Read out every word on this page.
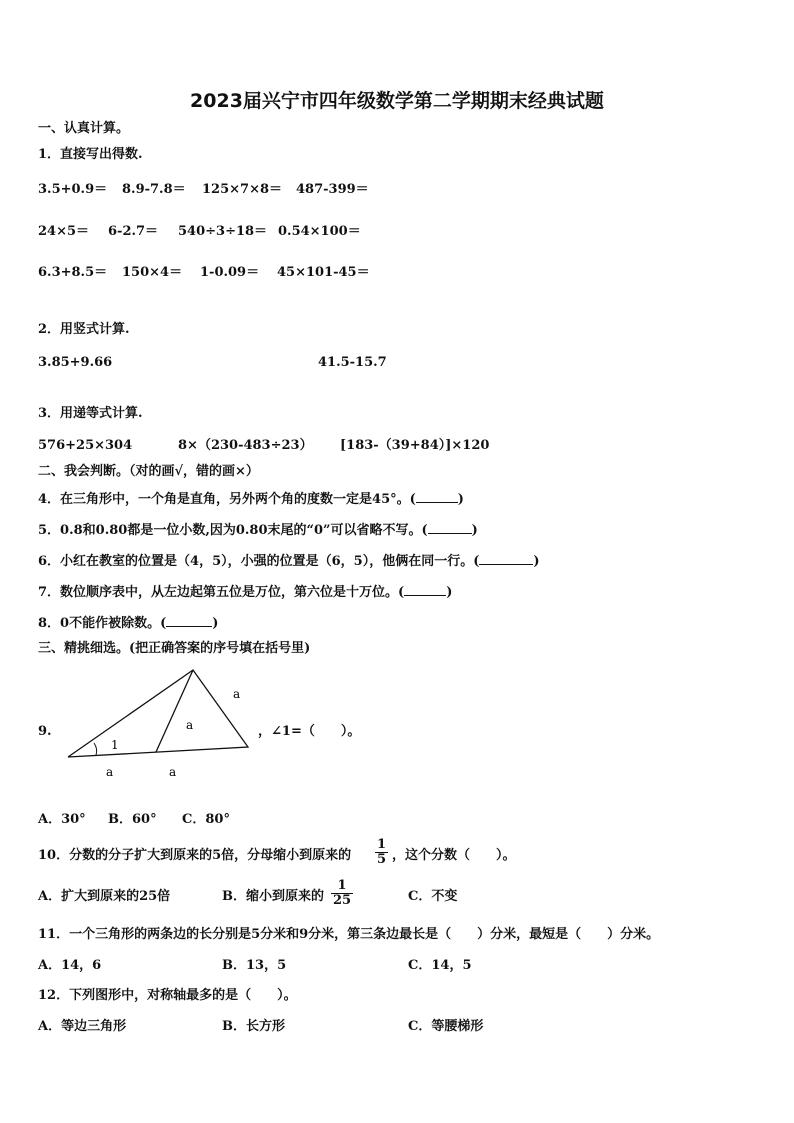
2023届兴宁市四年级数学第二学期期末经典试题
一、认真计算。
1．直接写出得数.
3.5+0.9＝ 8.9-7.8＝ 125×7×8＝ 487-399＝
24×5＝ 6-2.7＝ 540÷3÷18＝ 0.54×100＝
6.3+8.5＝ 150×4＝ 1-0.09＝ 45×101-45＝
2．用竖式计算.
3.85+9.66	41.5-15.7
3．用递等式计算.
576+25×304	8×（230-483÷23） [183-（39+84）]×120
二、我会判断。（对的画√，错的画×）
4．在三角形中，一个角是直角，另外两个角的度数一定是45°。(	)
5．0.8和0.80都是一位小数,因为0.80末尾的“0”可以省略不写。(	)
6．小红在教室的位置是（4，5），小强的位置是（6，5），他俩在同一行。(	)
7．数位顺序表中，从左边起第五位是万位，第六位是十万位。(	)
8．0不能作被除数。(	)
三、精挑细选。(把正确答案的序号填在括号里)
9.
a
a
1
a	a
，∠1=（　　）。
A．30° B．60° C．80°
10．分数的分子扩大到原来的5倍，分母缩小到原来的 $\frac{1}{5}$ ，这个分数（　　）。
A．扩大到原来的25倍	B．缩小到原来的 $\frac{1}{25}$	C．不变
11．一个三角形的两条边的长分别是5分米和9分米，第三条边最长是（　　）分米，最短是（　　）分米。
A．14，6	B．13，5	C．14，5
12．下列图形中，对称轴最多的是（　　）。
A．等边三角形	B．长方形	C．等腰梯形
